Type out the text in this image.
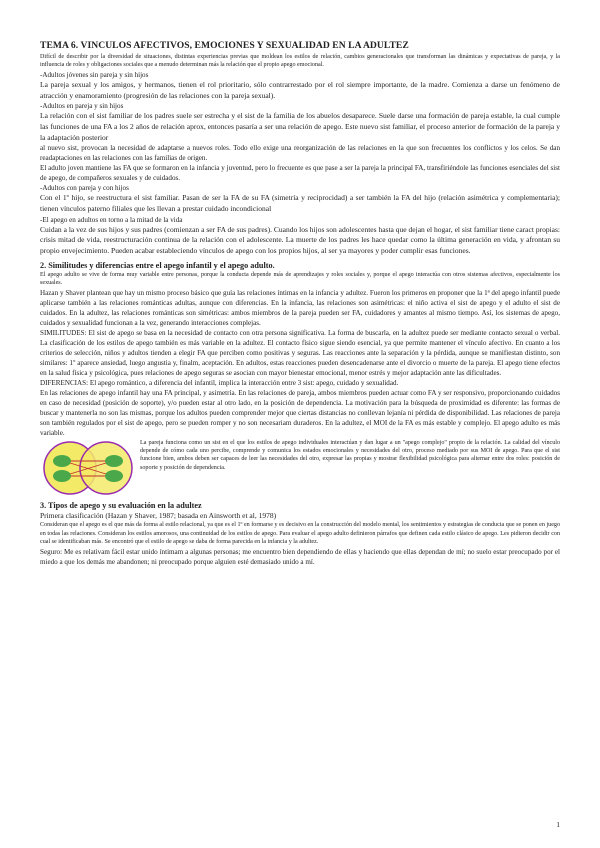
TEMA 6. VINCULOS AFECTIVOS, EMOCIONES Y SEXUALIDAD EN LA ADULTEZ

Difícil de describir por la diversidad de situaciones, distintas experiencias previas que moldean los estilos de relación, cambios generacionales que transforman las dinámicas y expectativas de pareja, y la influencia de roles y obligaciones sociales que a menudo determinan más la relación que el propio apego emocional.

-Adultos jóvenes sin pareja y sin hijos

La pareja sexual y los amigos, y hermanos, tienen el rol prioritario, sólo contrarrestado por el rol siempre importante, de la madre. Comienza a darse un fenómeno de atracción y enamoramiento (progresión de las relaciones con la pareja sexual).

-Adultos en pareja y sin hijos

La relación con el sist familiar de los padres suele ser estrecha y el sist de la familia de los abuelos desaparece. Suele darse una formación de pareja estable, la cual cumple las funciones de una FA a los 2 años de relación aprox, entonces pasaría a ser una relación de apego. Este nuevo sist familiar, el proceso anterior de formación de la pareja y la adaptación posterior

al nuevo sist, provocan la necesidad de adaptarse a nuevos roles. Todo ello exige una reorganización de las relaciones en la que son frecuentes los conflictos y los celos. Se dan readaptaciones en las relaciones con las familias de origen.

El adulto joven mantiene las FA que se formaron en la infancia y juventud, pero lo frecuente es que pase a ser la pareja la principal FA, transfiriéndole las funciones esenciales del sist de apego, de compañeros sexuales y de cuidados.

-Adultos con pareja y con hijos

Con el 1º hijo, se reestructura el sist familiar. Pasan de ser la FA de su FA (simetría y reciprocidad) a ser también la FA del hijo (relación asimétrica y complementaria); tienen vínculos paterno filiales que les llevan a prestar cuidado incondicional

-El apego en adultos en torno a la mitad de la vida

Cuidan a la vez de sus hijos y sus padres (comienzan a ser FA de sus padres). Cuando los hijos son adolescentes hasta que dejan el hogar, el sist familiar tiene caract propias: crisis mitad de vida, reestructuración continua de la relación con el adolescente. La muerte de los padres les hace quedar como la última generación en vida, y afrontan su propio envejecimiento. Pueden acabar estableciendo vínculos de apego con los propios hijos, al ser ya mayores y poder cumplir esas funciones.

2. Similitudes y diferencias entre el apego infantil y el apego adulto.

El apego adulto se vive de forma muy variable entre personas, porque la conducta depende más de aprendizajes y roles sociales y, porque el apego interactúa con otros sistemas afectivos, especialmente los sexuales.

Hazan y Shaver plantean que hay un mismo proceso básico que guía las relaciones íntimas en la infancia y adultez. Fueron los primeros en proponer que la 1ª del apego infantil puede aplicarse también a las relaciones románticas adultas, aunque con diferencias. En la infancia, las relaciones son asimétricas: el niño activa el sist de apego y el adulto el sist de cuidados. En la adultez, las relaciones románticas son simétricas: ambos miembros de la pareja pueden ser FA, cuidadores y amantes al mismo tiempo. Así, los sistemas de apego, cuidados y sexualidad funcionan a la vez, generando interacciones complejas.

SIMILITUDES: El sist de apego se basa en la necesidad de contacto con otra persona significativa. La forma de buscarla, en la adultez puede ser mediante contacto sexual o verbal. La clasificación de los estilos de apego también es más variable en la adultez. El contacto físico sigue siendo esencial, ya que permite mantener el vínculo afectivo. En cuanto a los criterios de selección, niños y adultos tienden a elegir FA que perciben como positivas y seguras. Las reacciones ante la separación y la pérdida, aunque se manifiestan distinto, son similares: 1º aparece ansiedad, luego angustia y, finalm, aceptación. En adultos, estas reacciones pueden desencadenarse ante el divorcio o muerte de la pareja. El apego tiene efectos en la salud física y psicológica, pues relaciones de apego seguras se asocian con mayor bienestar emocional, menor estrés y mejor adaptación ante las dificultades.

DIFERENCIAS: El apego romántico, a diferencia del infantil, implica la interacción entre 3 sist: apego, cuidado y sexualidad.

En las relaciones de apego infantil hay una FA principal, y asimetría. En las relaciones de pareja, ambos miembros pueden actuar como FA y ser responsivo, proporcionando cuidados en caso de necesidad (posición de soporte), y/o pueden estar al otro lado, en la posición de dependencia. La motivación para la búsqueda de proximidad es diferente: las formas de buscar y mantenerla no son las mismas, porque los adultos pueden comprender mejor que ciertas distancias no conllevan lejanía ni pérdida de disponibilidad. Las relaciones de pareja son también regulados por el sist de apego, pero se pueden romper y no son necesariam duraderos. En la adultez, el MOI de la FA es más estable y complejo. El apego adulto es más variable.

La pareja funciona como un sist en el que los estilos de apego individuales interactúan y dan lugar a un "apego complejo" propio de la relación. La calidad del vínculo depende de cómo cada uno percibe, comprende y comunica los estados emocionales y necesidades del otro, proceso mediado por sus MOI de apego. Para que el sist funcione bien, ambos deben ser capaces de leer las necesidades del otro, expresar las propias y mostrar flexibilidad psicológica para alternar entre dos roles: posición de soporte y posición de dependencia.

3. Tipos de apego y su evaluación en la adultez

Primera clasificación (Hazan y Shaver, 1987; basada en Ainsworth et al, 1978)

Consideran que el apego es el que más da forma al estilo relacional, ya que es el 1º en formarse y es decisivo en la construcción del modelo mental, los sentimientos y estrategias de conducta que se ponen en juego en todas las relaciones. Consideran los estilos amorosos, una continuidad de los estilos de apego. Para evaluar el apego adulto definieron párrafos que definen cada estilo clásico de apego. Les pidieron decidir con cual se identificaban más. Se encontró que el estilo de apego se daba de forma parecida en la infancia y la adultez.

Seguro: Me es relativam fácil estar unido íntimam a algunas personas; me encuentro bien dependiendo de ellas y haciendo que ellas dependan de mí; no suelo estar preocupado por el miedo a que los demás me abandonen; ni preocupado porque alguien esté demasiado unido a mí.

1
